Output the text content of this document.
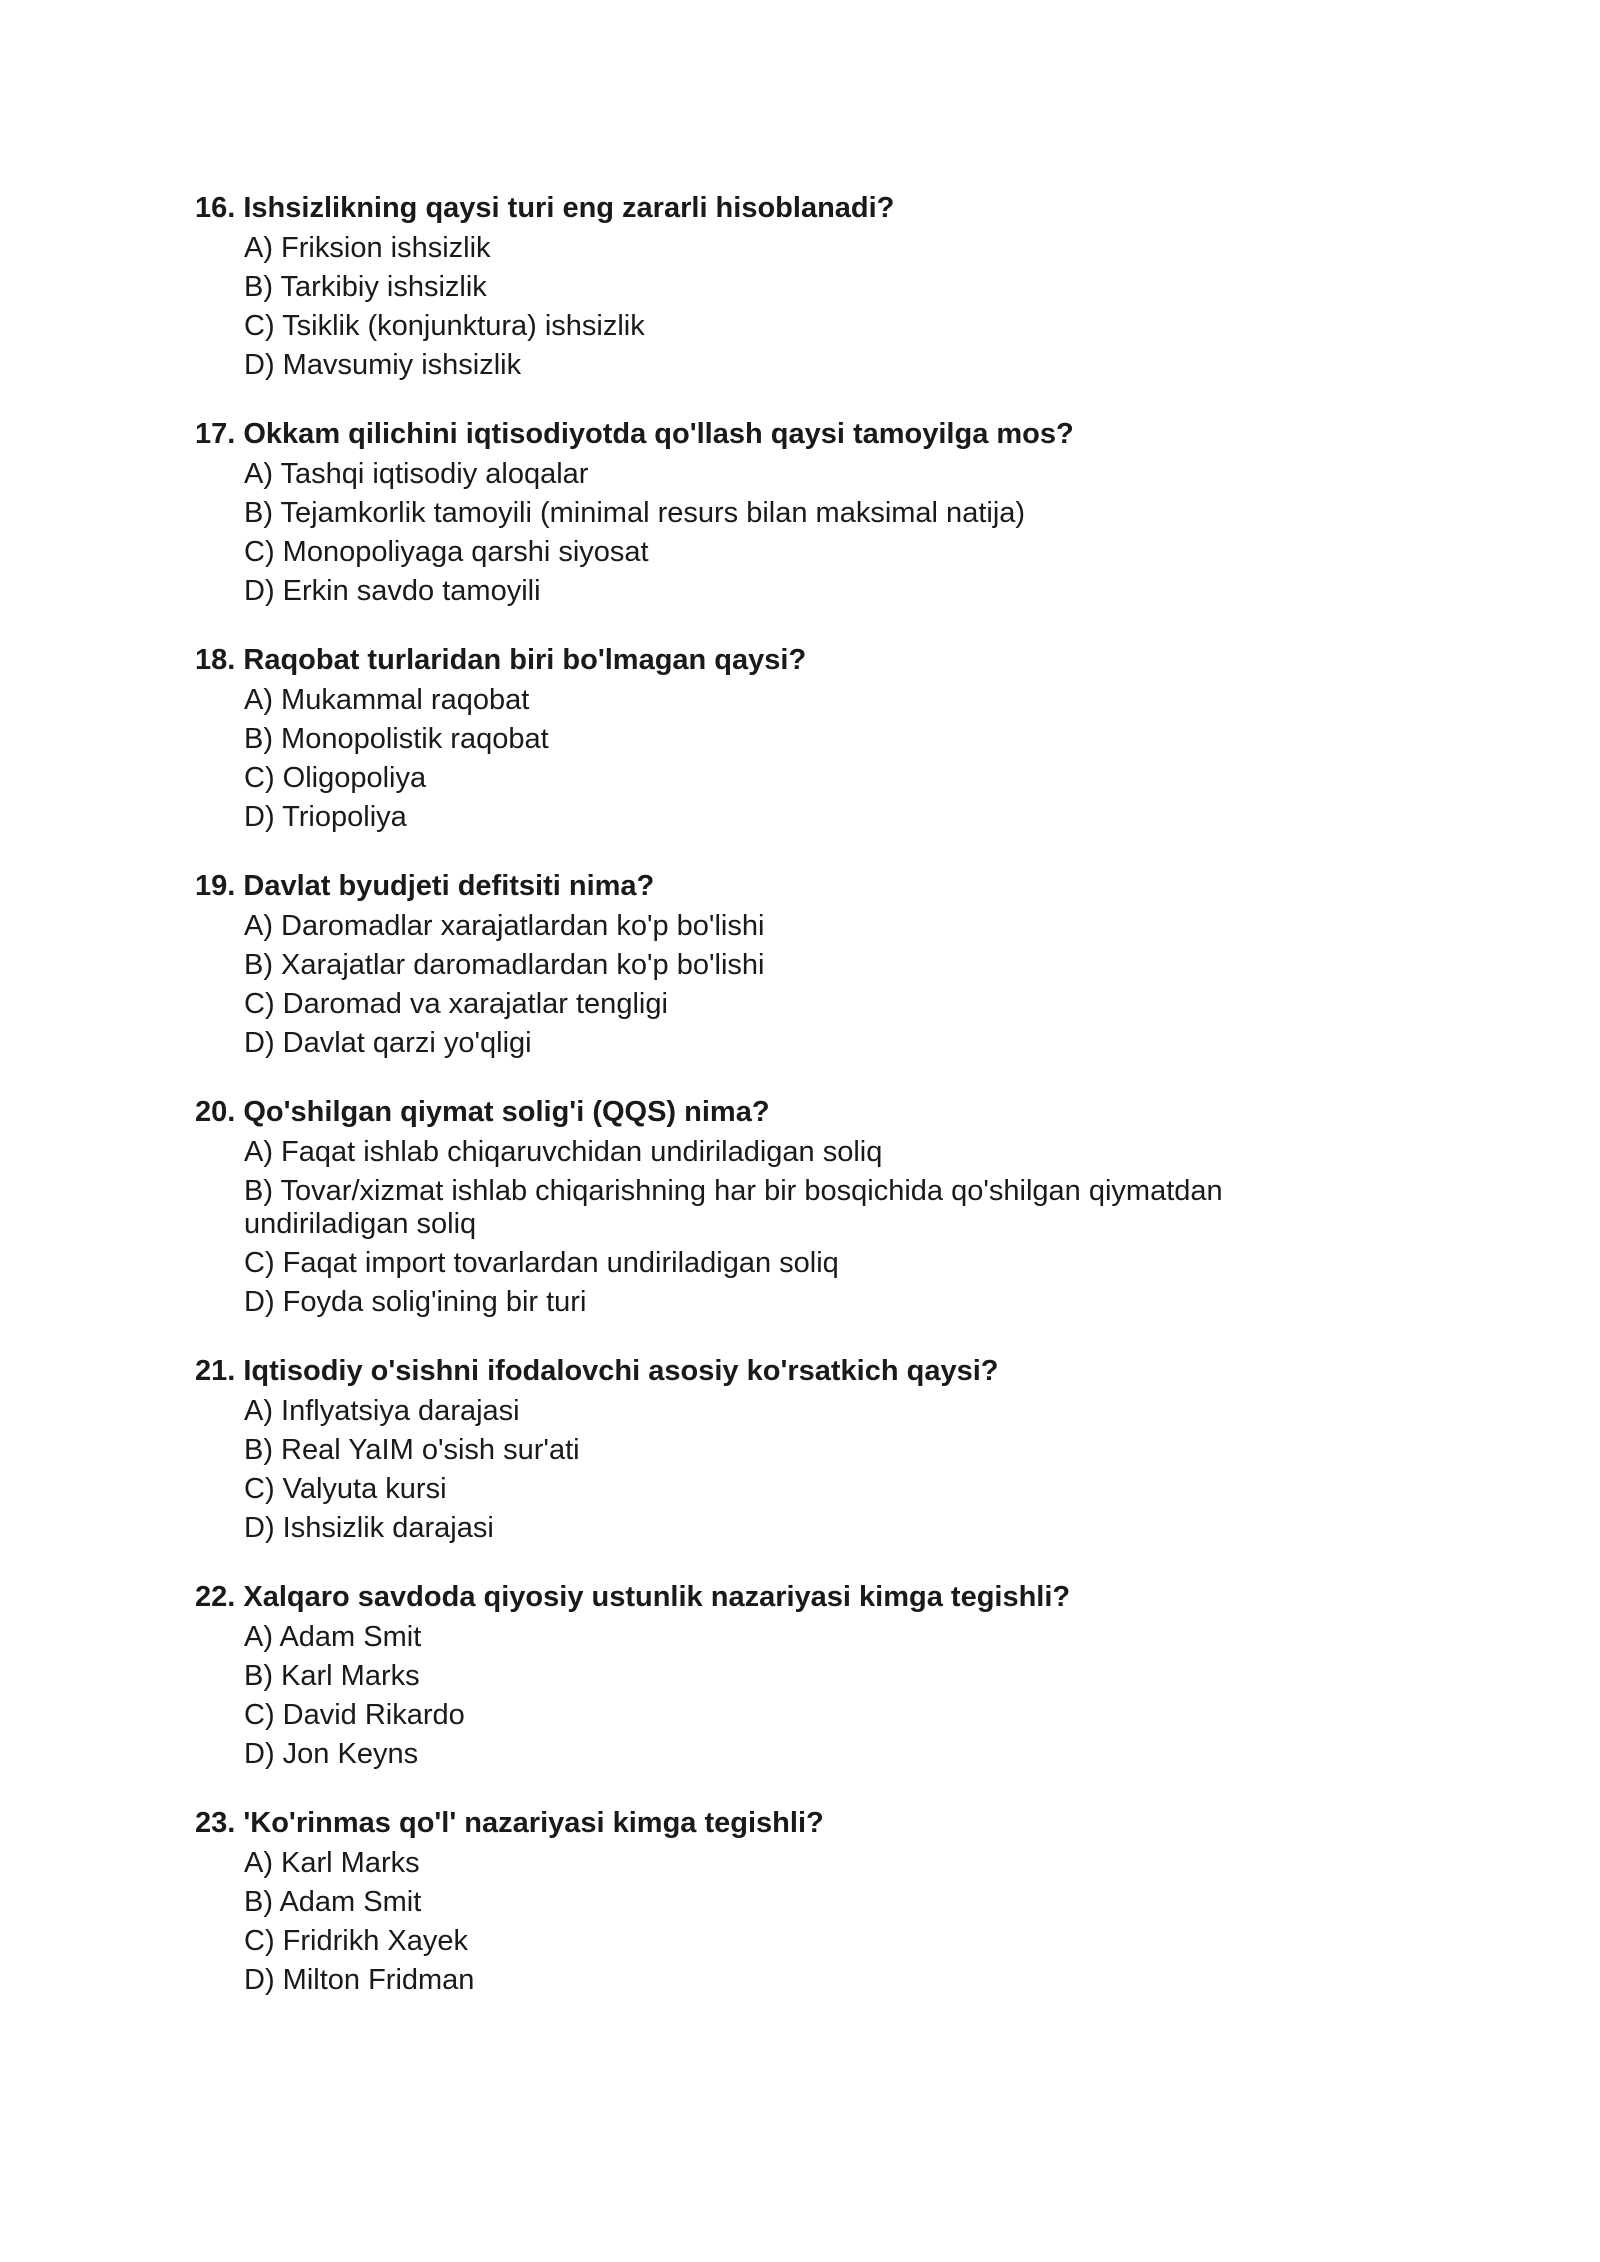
16. Ishsizlikning qaysi turi eng zararli hisoblanadi?
A) Friksion ishsizlik
B) Tarkibiy ishsizlik
C) Tsiklik (konjunktura) ishsizlik
D) Mavsumiy ishsizlik
17. Okkam qilichini iqtisodiyotda qo'llash qaysi tamoyilga mos?
A) Tashqi iqtisodiy aloqalar
B) Tejamkorlik tamoyili (minimal resurs bilan maksimal natija)
C) Monopoliyaga qarshi siyosat
D) Erkin savdo tamoyili
18. Raqobat turlaridan biri bo'lmagan qaysi?
A) Mukammal raqobat
B) Monopolistik raqobat
C) Oligopoliya
D) Triopoliya
19. Davlat byudjeti defitsiti nima?
A) Daromadlar xarajatlardan ko'p bo'lishi
B) Xarajatlar daromadlardan ko'p bo'lishi
C) Daromad va xarajatlar tengligi
D) Davlat qarzi yo'qligi
20. Qo'shilgan qiymat solig'i (QQS) nima?
A) Faqat ishlab chiqaruvchidan undiriladigan soliq
B) Tovar/xizmat ishlab chiqarishning har bir bosqichida qo'shilgan qiymatdan undiriladigan soliq
C) Faqat import tovarlardan undiriladigan soliq
D) Foyda solig'ining bir turi
21. Iqtisodiy o'sishni ifodalovchi asosiy ko'rsatkich qaysi?
A) Inflyatsiya darajasi
B) Real YaIM o'sish sur'ati
C) Valyuta kursi
D) Ishsizlik darajasi
22. Xalqaro savdoda qiyosiy ustunlik nazariyasi kimga tegishli?
A) Adam Smit
B) Karl Marks
C) David Rikardo
D) Jon Keyns
23. 'Ko'rinmas qo'l' nazariyasi kimga tegishli?
A) Karl Marks
B) Adam Smit
C) Fridrikh Xayek
D) Milton Fridman
